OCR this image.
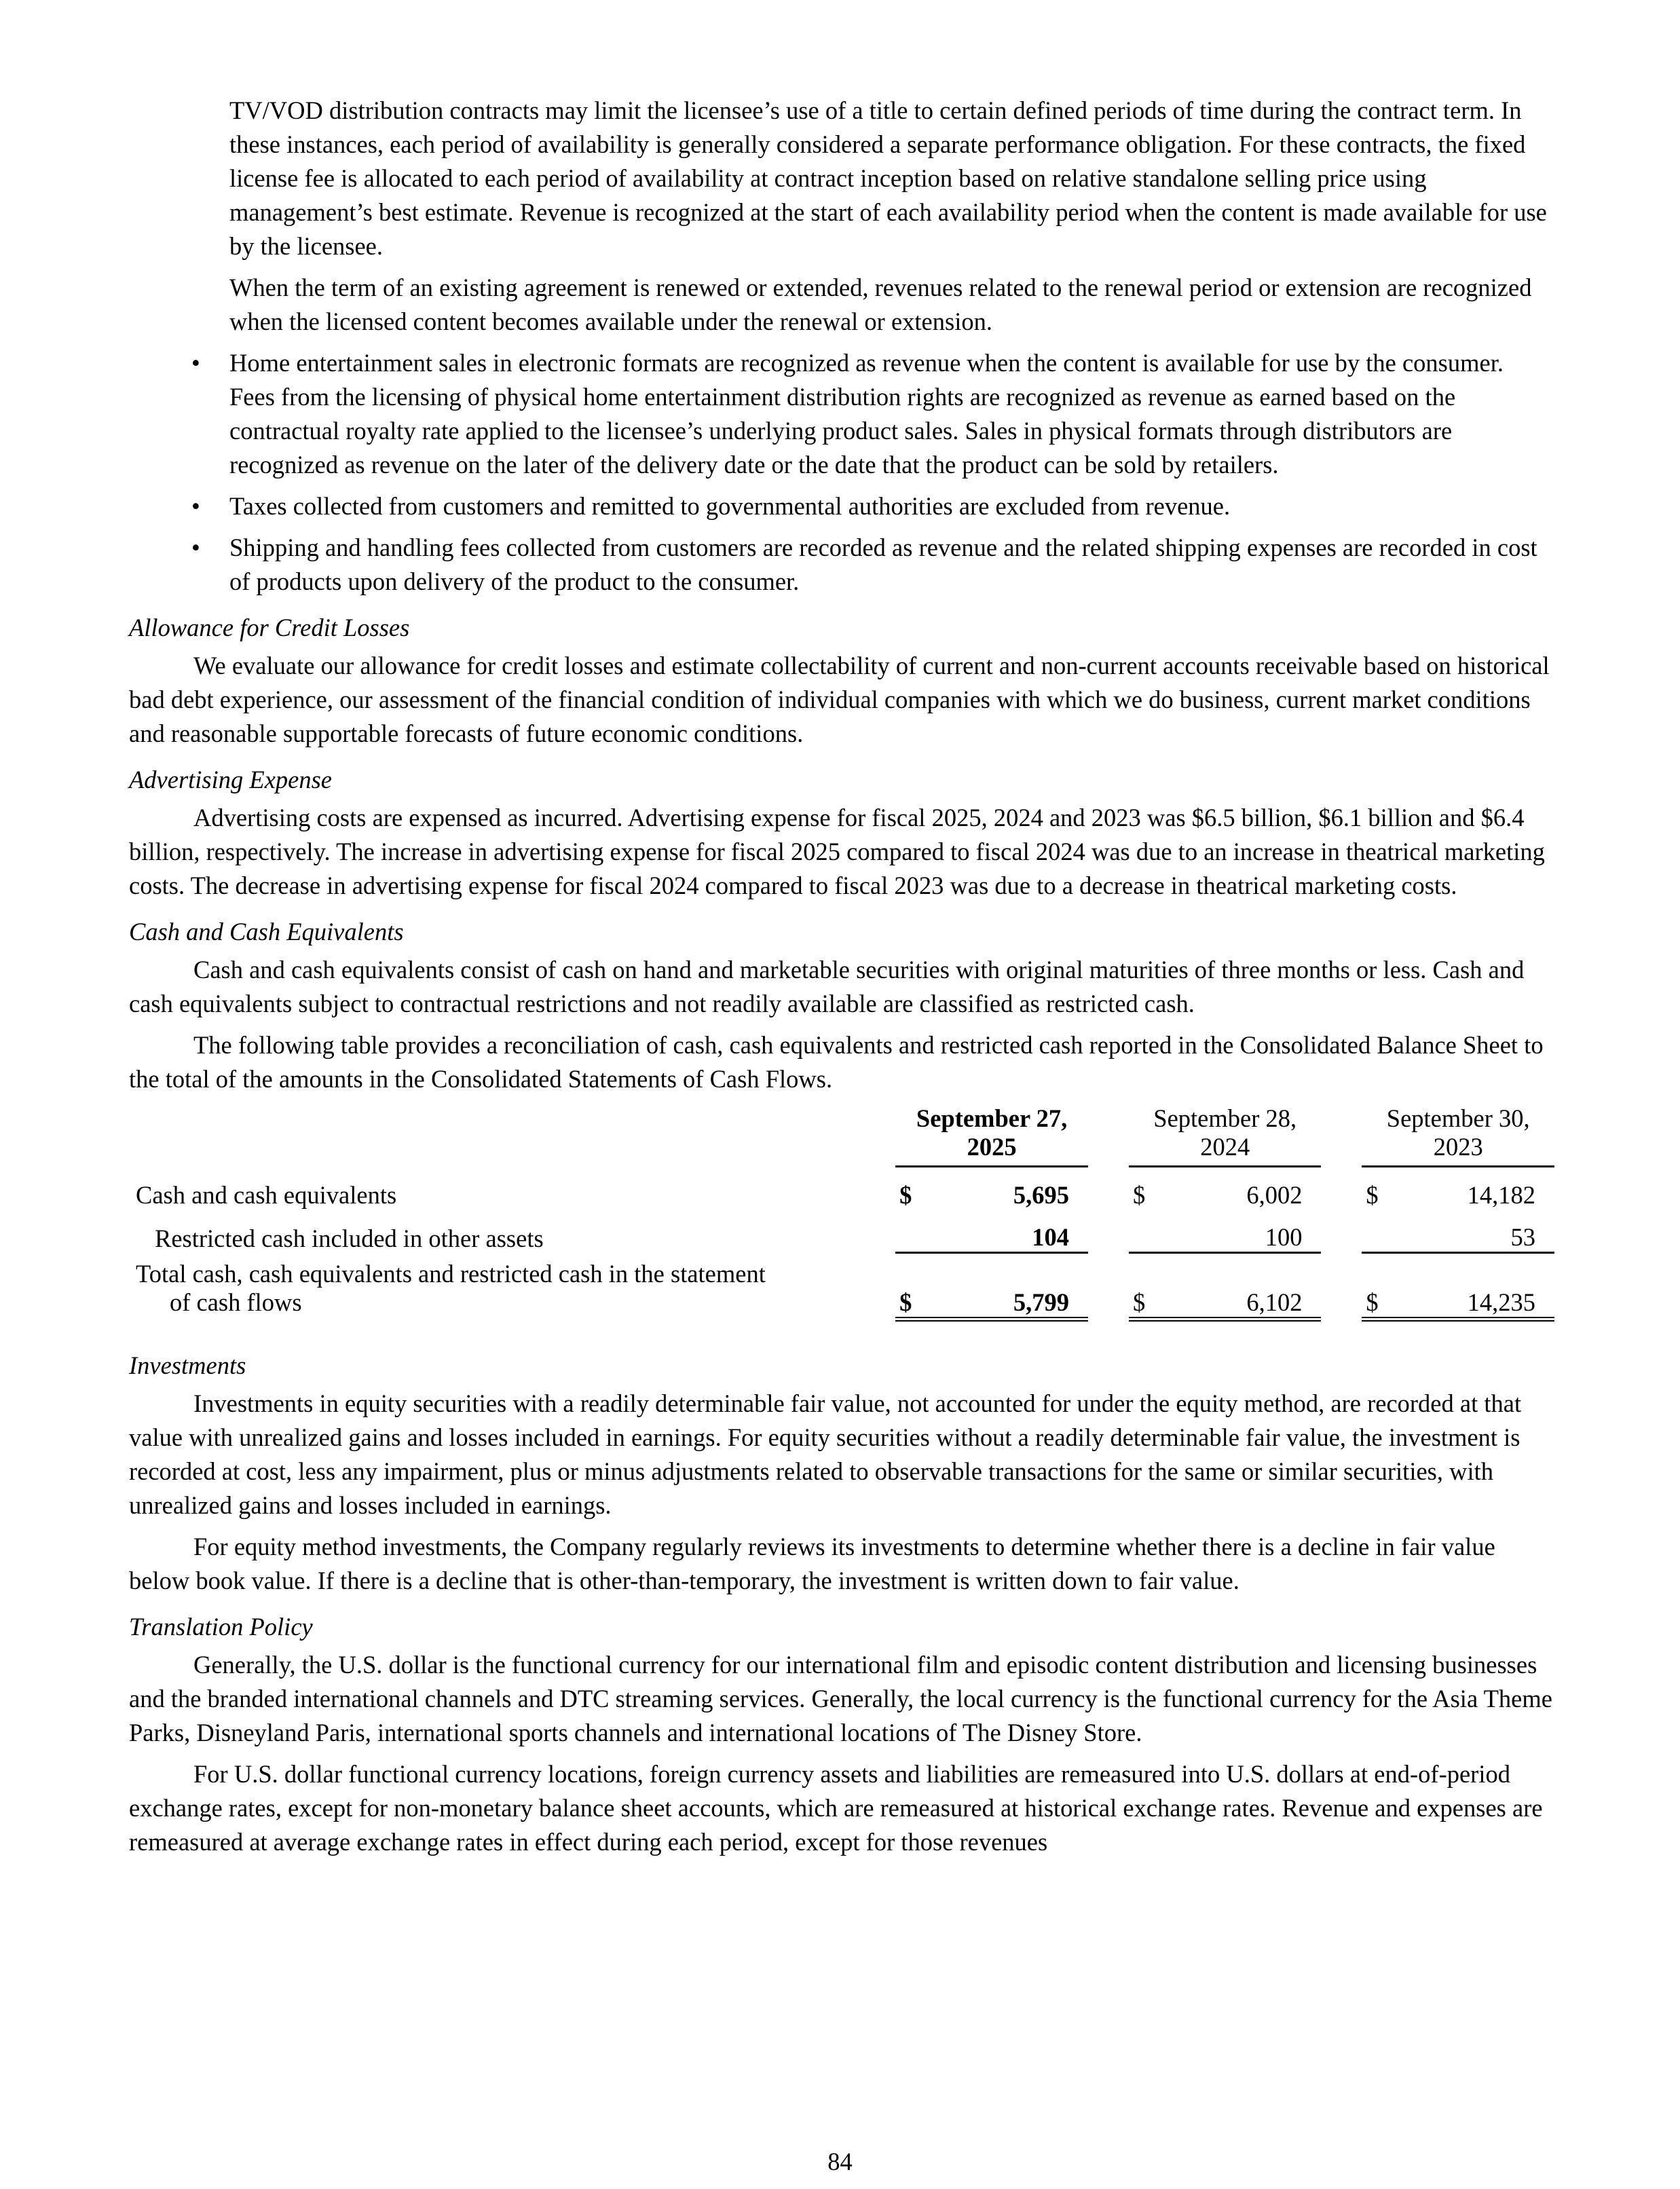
TV/VOD distribution contracts may limit the licensee’s use of a title to certain defined periods of time during the contract term. In these instances, each period of availability is generally considered a separate performance obligation. For these contracts, the fixed license fee is allocated to each period of availability at contract inception based on relative standalone selling price using management’s best estimate. Revenue is recognized at the start of each availability period when the content is made available for use by the licensee.

When the term of an existing agreement is renewed or extended, revenues related to the renewal period or extension are recognized when the licensed content becomes available under the renewal or extension.

• Home entertainment sales in electronic formats are recognized as revenue when the content is available for use by the consumer. Fees from the licensing of physical home entertainment distribution rights are recognized as revenue as earned based on the contractual royalty rate applied to the licensee’s underlying product sales. Sales in physical formats through distributors are recognized as revenue on the later of the delivery date or the date that the product can be sold by retailers.
• Taxes collected from customers and remitted to governmental authorities are excluded from revenue.
• Shipping and handling fees collected from customers are recorded as revenue and the related shipping expenses are recorded in cost of products upon delivery of the product to the consumer.

Allowance for Credit Losses

We evaluate our allowance for credit losses and estimate collectability of current and non-current accounts receivable based on historical bad debt experience, our assessment of the financial condition of individual companies with which we do business, current market conditions and reasonable supportable forecasts of future economic conditions.

Advertising Expense

Advertising costs are expensed as incurred. Advertising expense for fiscal 2025, 2024 and 2023 was $6.5 billion, $6.1 billion and $6.4 billion, respectively. The increase in advertising expense for fiscal 2025 compared to fiscal 2024 was due to an increase in theatrical marketing costs. The decrease in advertising expense for fiscal 2024 compared to fiscal 2023 was due to a decrease in theatrical marketing costs.

Cash and Cash Equivalents

Cash and cash equivalents consist of cash on hand and marketable securities with original maturities of three months or less. Cash and cash equivalents subject to contractual restrictions and not readily available are classified as restricted cash.

The following table provides a reconciliation of cash, cash equivalents and restricted cash reported in the Consolidated Balance Sheet to the total of the amounts in the Consolidated Statements of Cash Flows.

		September 27,
2025			September 28,
2024			September 30,
2023	
Cash and cash equivalents		$	5,695		$	6,002		$	14,182
Restricted cash included in other assets			104			100			53
Total cash, cash equivalents and restricted cash in the statement
of cash flows		$	5,799		$	6,102		$	14,235

Investments

Investments in equity securities with a readily determinable fair value, not accounted for under the equity method, are recorded at that value with unrealized gains and losses included in earnings. For equity securities without a readily determinable fair value, the investment is recorded at cost, less any impairment, plus or minus adjustments related to observable transactions for the same or similar securities, with unrealized gains and losses included in earnings.

For equity method investments, the Company regularly reviews its investments to determine whether there is a decline in fair value below book value. If there is a decline that is other-than-temporary, the investment is written down to fair value.

Translation Policy

Generally, the U.S. dollar is the functional currency for our international film and episodic content distribution and licensing businesses and the branded international channels and DTC streaming services. Generally, the local currency is the functional currency for the Asia Theme Parks, Disneyland Paris, international sports channels and international locations of The Disney Store.

For U.S. dollar functional currency locations, foreign currency assets and liabilities are remeasured into U.S. dollars at end-of-period exchange rates, except for non-monetary balance sheet accounts, which are remeasured at historical exchange rates. Revenue and expenses are remeasured at average exchange rates in effect during each period, except for those revenues

84
